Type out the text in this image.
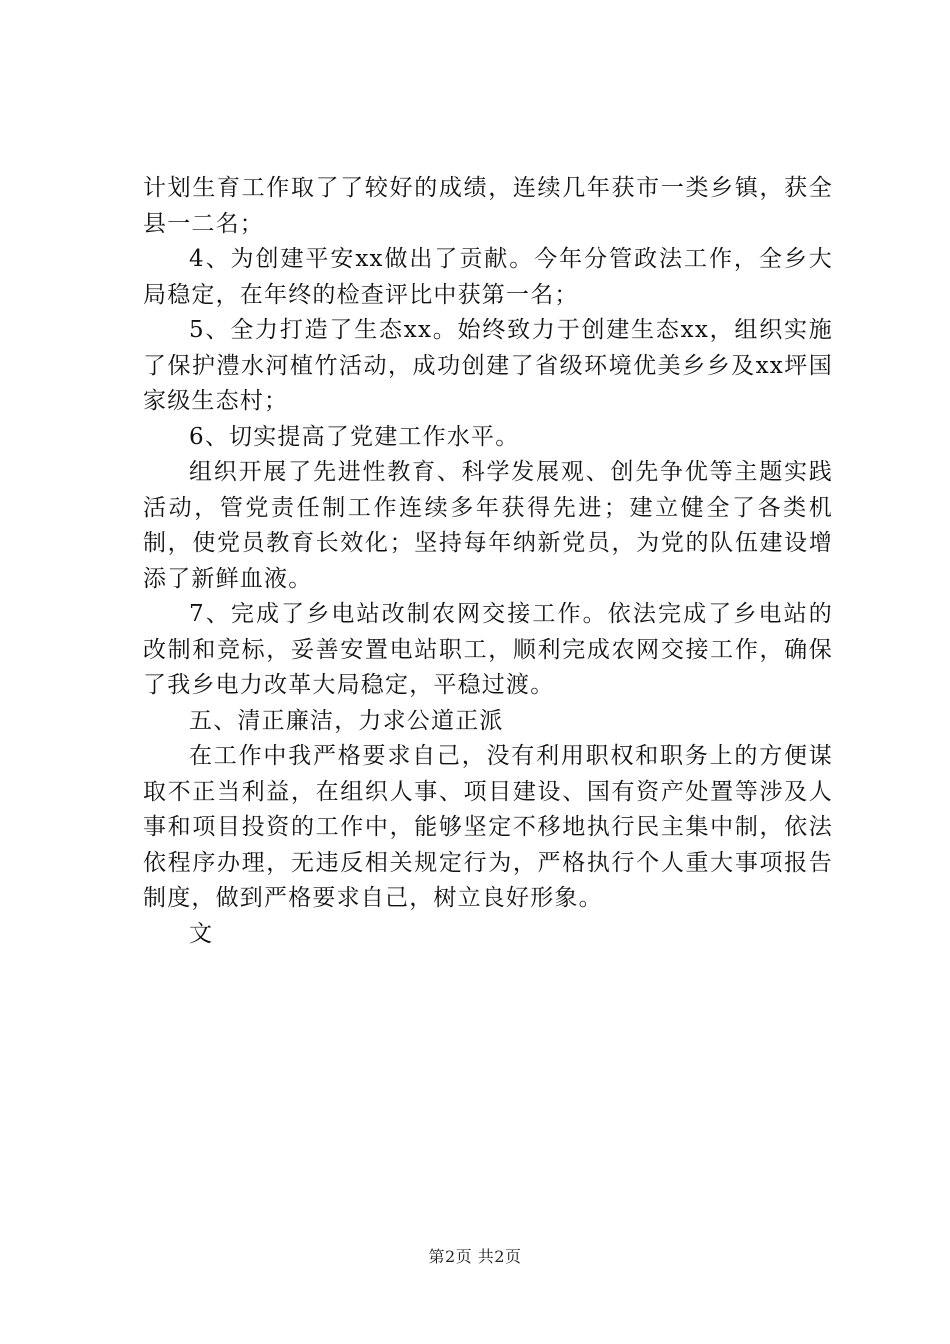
计划生育工作取了了较好的成绩，连续几年获市一类乡镇，获全县一二名；

4、为创建平安xx做出了贡献。今年分管政法工作，全乡大局稳定，在年终的检查评比中获第一名；

5、全力打造了生态xx。始终致力于创建生态xx，组织实施了保护澧水河植竹活动，成功创建了省级环境优美乡乡及xx坪国家级生态村；

6、切实提高了党建工作水平。

组织开展了先进性教育、科学发展观、创先争优等主题实践活动，管党责任制工作连续多年获得先进；建立健全了各类机制，使党员教育长效化；坚持每年纳新党员，为党的队伍建设增添了新鲜血液。

7、完成了乡电站改制农网交接工作。依法完成了乡电站的改制和竞标，妥善安置电站职工，顺利完成农网交接工作，确保了我乡电力改革大局稳定，平稳过渡。

五、清正廉洁，力求公道正派

在工作中我严格要求自己，没有利用职权和职务上的方便谋取不正当利益，在组织人事、项目建设、国有资产处置等涉及人事和项目投资的工作中，能够坚定不移地执行民主集中制，依法依程序办理，无违反相关规定行为，严格执行个人重大事项报告制度，做到严格要求自己，树立良好形象。

文

第2页 共2页
